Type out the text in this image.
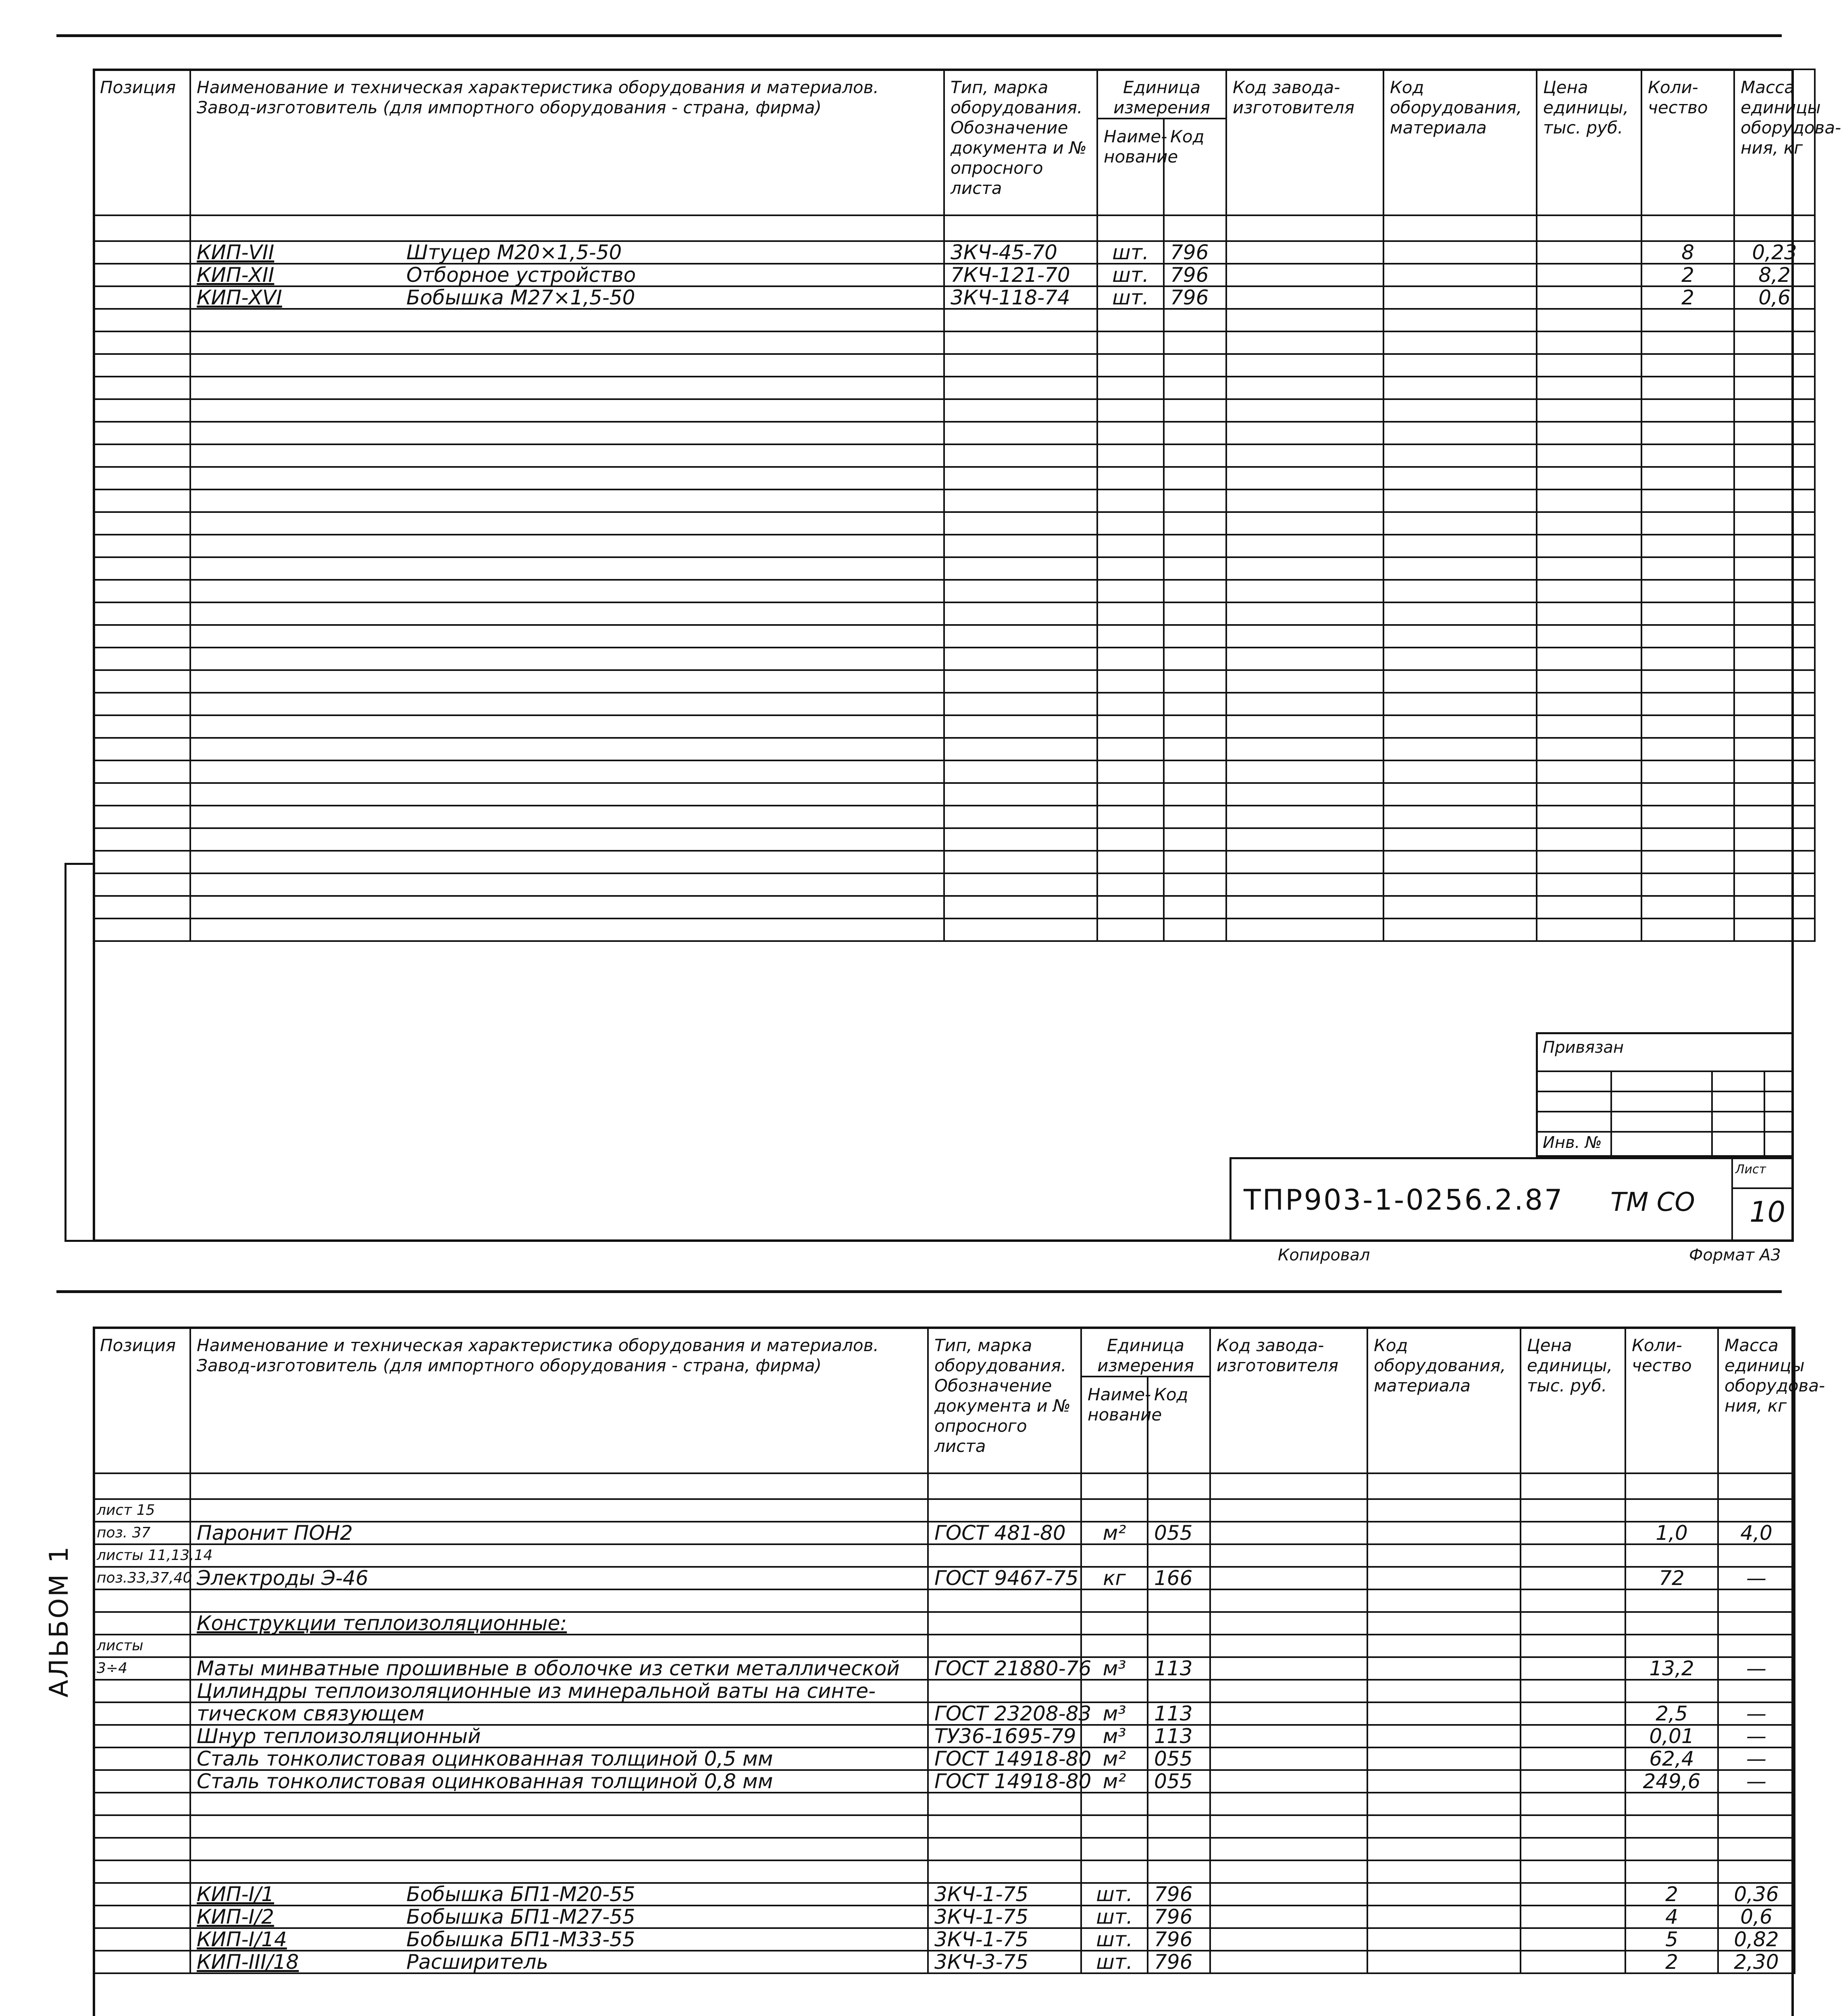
Позиция	Наименование и техническая характеристика оборудования и материалов. Завод-изготовитель (для импортного оборудования - страна, фирма)	Тип, марка оборудования. Обозначение документа и № опросного листа	Единица измерения		Код завода-изготовителя	Код оборудования, материала	Цена единицы, тыс. руб.	Коли-чество	Масса единицы оборудова-ния, кг
			Наиме-нование	Код					

	КИП-VII Штуцер М20×1,5-50	3КЧ-45-70	шт.	796				8	0,23
	КИП-XII Отборное устройство	7КЧ-121-70	шт.	796				2	8,2
	КИП-XVI Бобышка М27×1,5-50	3КЧ-118-74	шт.	796				2	0,6

Привязан
Инв. №
Лист
10
ТПР903-1-0256.2.87 ТМ СО
Копировал	Формат А3
Позиция	Наименование и техническая характеристика оборудования и материалов. Завод-изготовитель (для импортного оборудования - страна, фирма)	Тип, марка оборудования. Обозначение документа и № опросного листа	Единица измерения		Код завода-изготовителя	Код оборудования, материала	Цена единицы, тыс. руб.	Коли-чество	Масса единицы оборудова-ния, кг
			Наиме-нование	Код					

лист 15									
поз. 37	Паронит ПОН2	ГОСТ 481-80	м²	055				1,0	4,0
листы 11,13,14									
поз.33,37,40	Электроды Э-46	ГОСТ 9467-75	кг	166				72	—

	Конструкции теплоизоляционные:								
листы									
3÷4	Маты минватные прошивные в оболочке из сетки металлической	ГОСТ 21880-76	м³	113				13,2	—
	Цилиндры теплоизоляционные из минеральной ваты на синте-								
	тическом связующем	ГОСТ 23208-83	м³	113				2,5	—
	Шнур теплоизоляционный	ТУ36-1695-79	м³	113				0,01	—
	Сталь тонколистовая оцинкованная толщиной 0,5 мм	ГОСТ 14918-80	м²	055				62,4	—
	Сталь тонколистовая оцинкованная толщиной 0,8 мм	ГОСТ 14918-80	м²	055				249,6	—

	КИП-I/1 Бобышка БП1-М20-55	3КЧ-1-75	шт.	796				2	0,36
	КИП-I/2 Бобышка БП1-М27-55	3КЧ-1-75	шт.	796				4	0,6
	КИП-I/14 Бобышка БП1-М33-55	3КЧ-1-75	шт.	796				5	0,82
	КИП-III/18 Расширитель	3КЧ-3-75	шт.	796				2	2,30
АЛЬБОМ 1
